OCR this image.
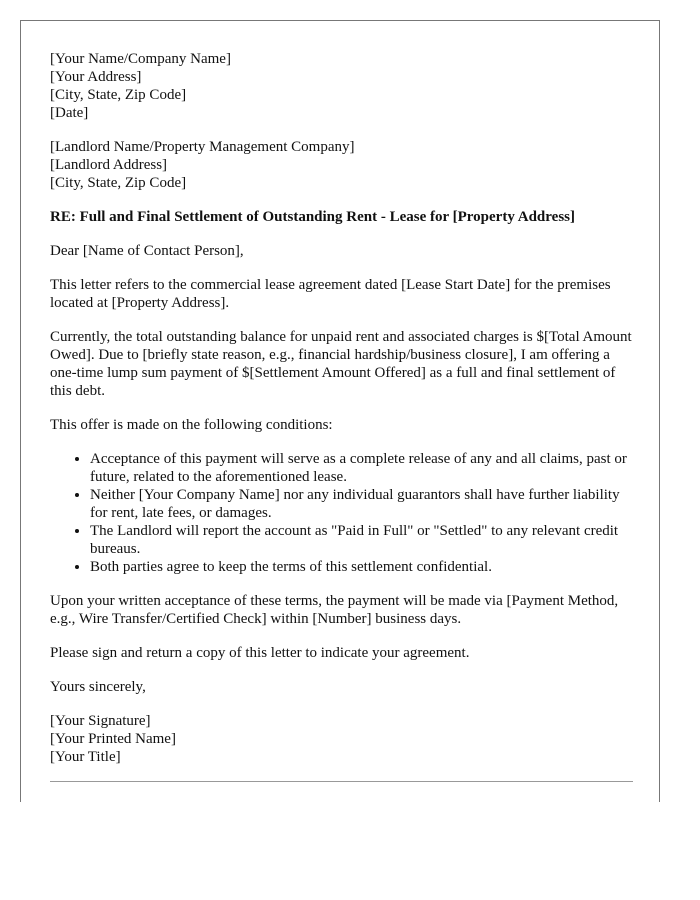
[Your Name/Company Name]
[Your Address]
[City, State, Zip Code]
[Date]
[Landlord Name/Property Management Company]
[Landlord Address]
[City, State, Zip Code]
RE: Full and Final Settlement of Outstanding Rent - Lease for [Property Address]

Dear [Name of Contact Person],

This letter refers to the commercial lease agreement dated [Lease Start Date] for the premises located at [Property Address].

Currently, the total outstanding balance for unpaid rent and associated charges is $[Total Amount Owed]. Due to [briefly state reason, e.g., financial hardship/business closure], I am offering a one-time lump sum payment of $[Settlement Amount Offered] as a full and final settlement of this debt.

This offer is made on the following conditions:

• Acceptance of this payment will serve as a complete release of any and all claims, past or future, related to the aforementioned lease.
• Neither [Your Company Name] nor any individual guarantors shall have further liability for rent, late fees, or damages.
• The Landlord will report the account as "Paid in Full" or "Settled" to any relevant credit bureaus.
• Both parties agree to keep the terms of this settlement confidential.

Upon your written acceptance of these terms, the payment will be made via [Payment Method, e.g., Wire Transfer/Certified Check] within [Number] business days.

Please sign and return a copy of this letter to indicate your agreement.

Yours sincerely,

[Your Signature]
[Your Printed Name]
[Your Title]
